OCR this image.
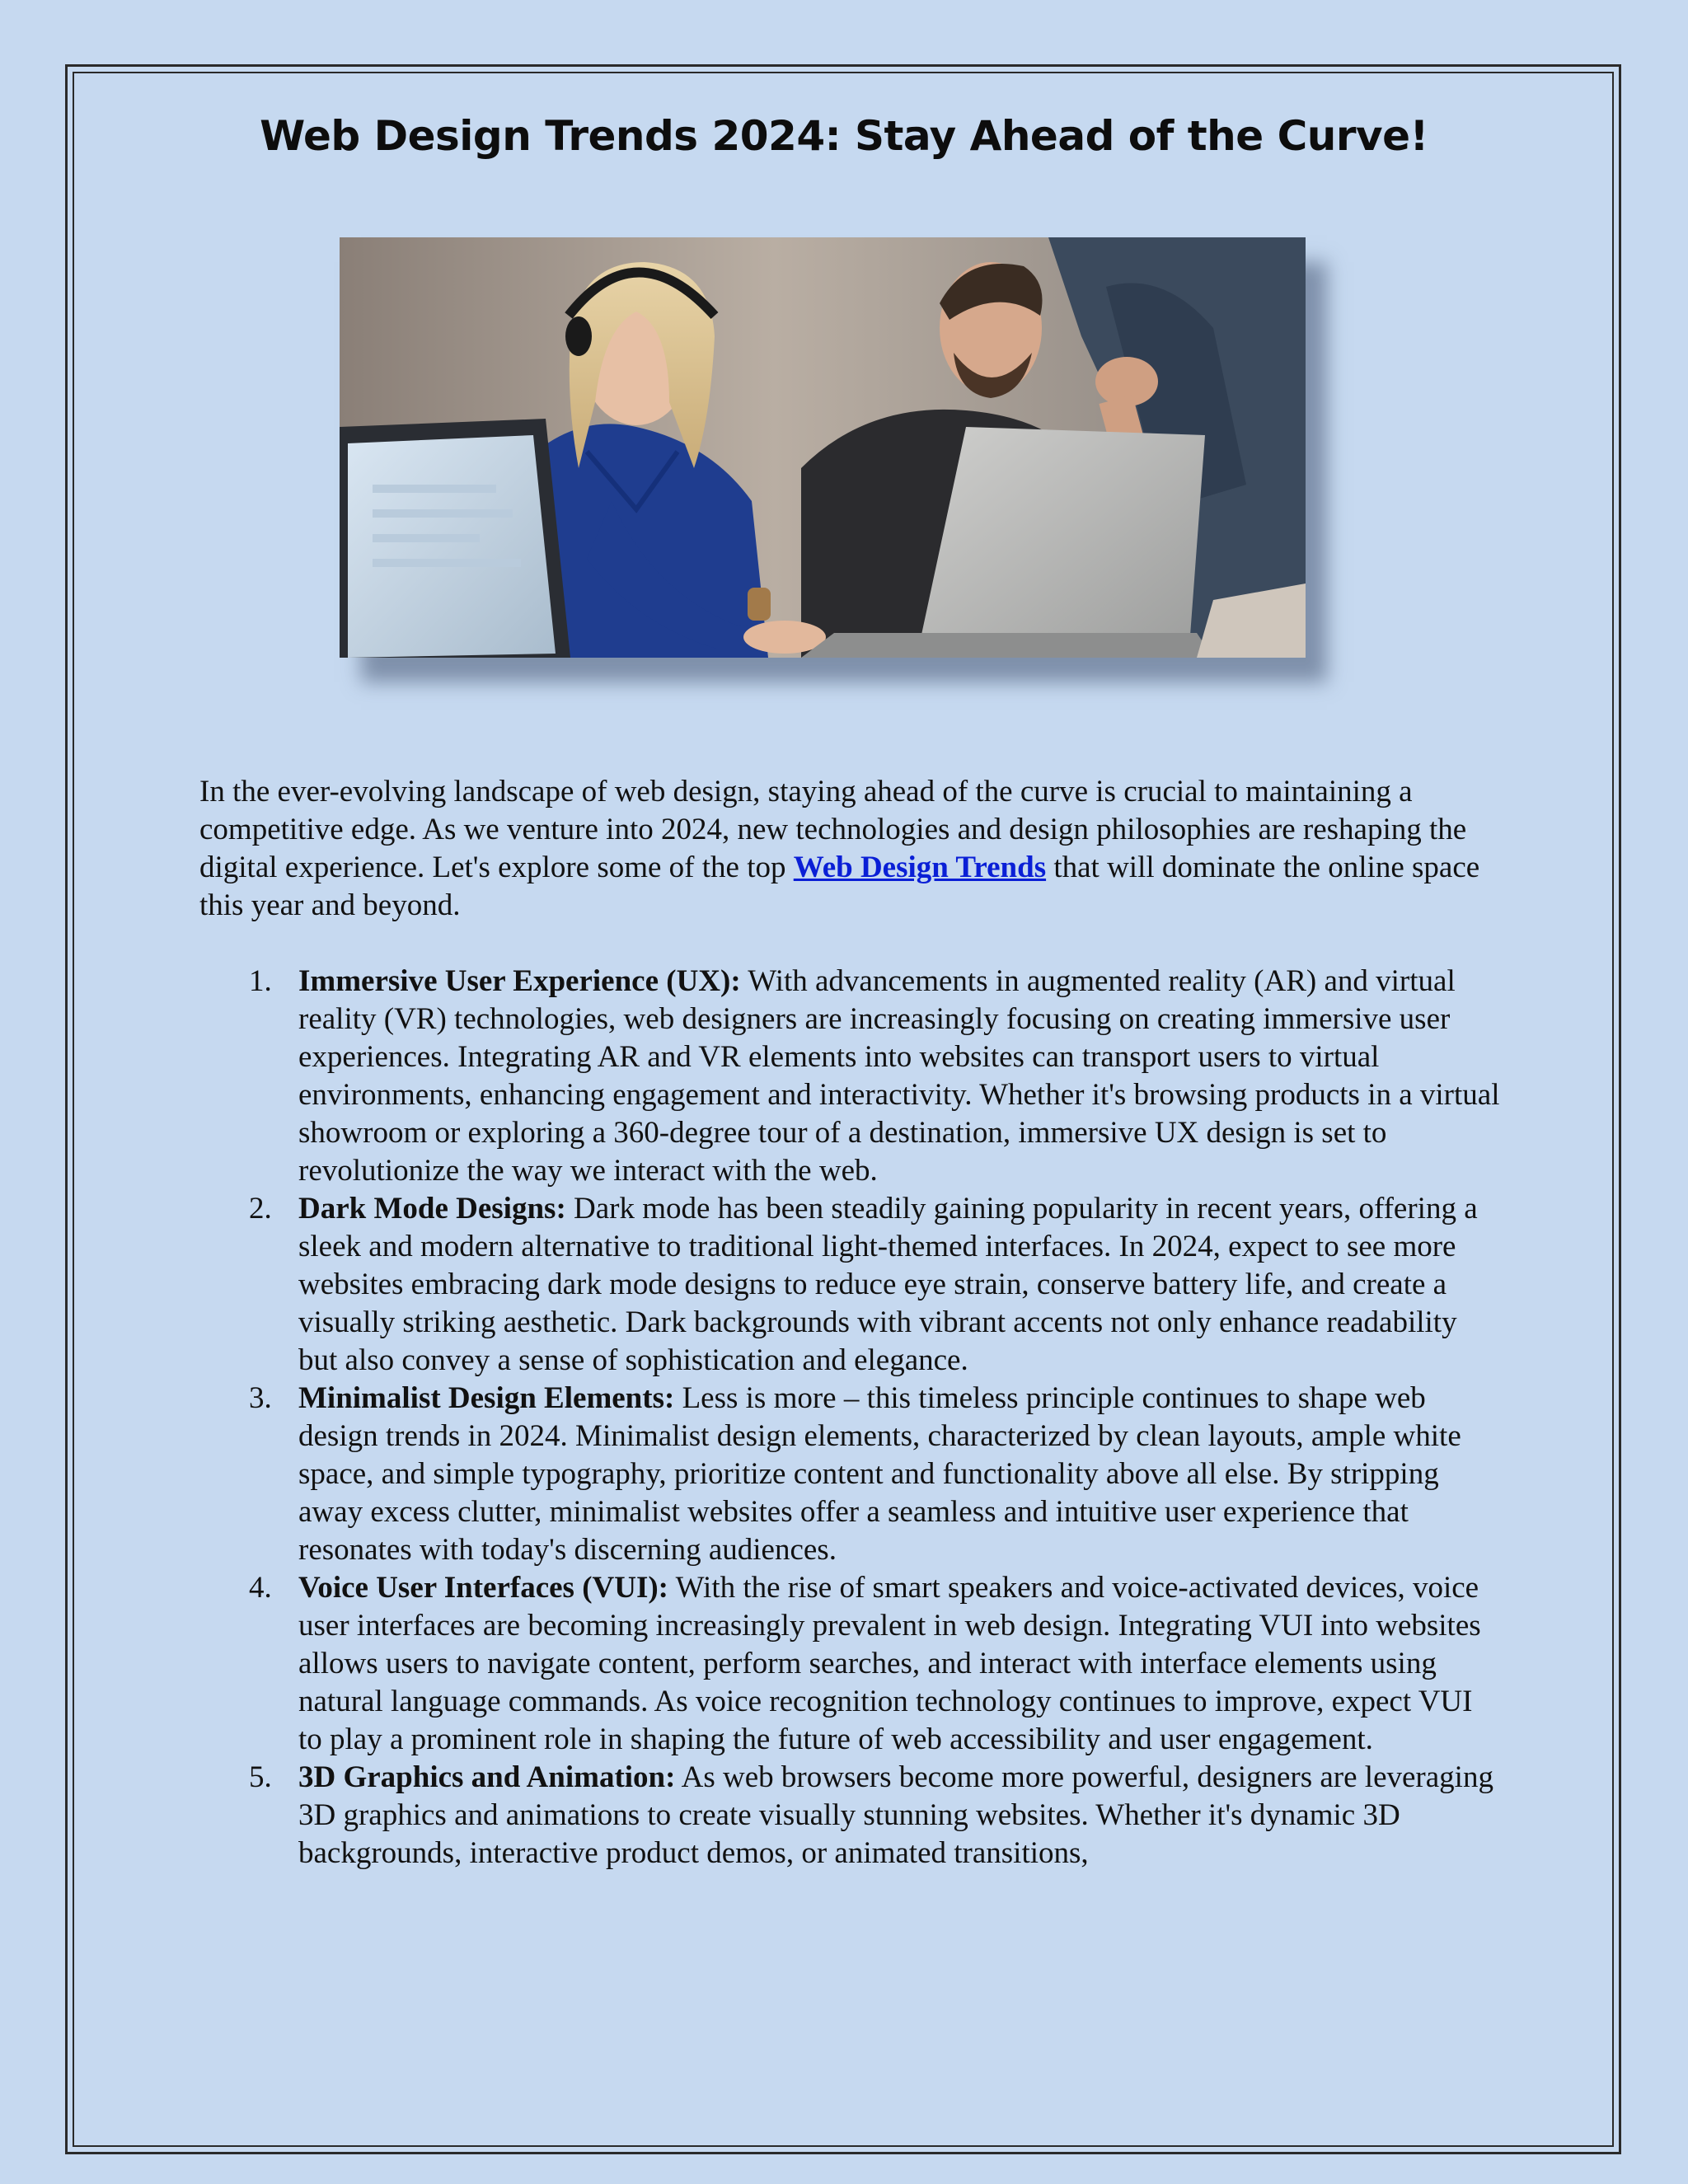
Web Design Trends 2024: Stay Ahead of the Curve!

In the ever-evolving landscape of web design, staying ahead of the curve is crucial to maintaining a competitive edge. As we venture into 2024, new technologies and design philosophies are reshaping the digital experience. Let's explore some of the top Web Design Trends that will dominate the online space this year and beyond.

1. Immersive User Experience (UX): With advancements in augmented reality (AR) and virtual reality (VR) technologies, web designers are increasingly focusing on creating immersive user experiences. Integrating AR and VR elements into websites can transport users to virtual environments, enhancing engagement and interactivity. Whether it's browsing products in a virtual showroom or exploring a 360-degree tour of a destination, immersive UX design is set to revolutionize the way we interact with the web.
2. Dark Mode Designs: Dark mode has been steadily gaining popularity in recent years, offering a sleek and modern alternative to traditional light-themed interfaces. In 2024, expect to see more websites embracing dark mode designs to reduce eye strain, conserve battery life, and create a visually striking aesthetic. Dark backgrounds with vibrant accents not only enhance readability but also convey a sense of sophistication and elegance.
3. Minimalist Design Elements: Less is more – this timeless principle continues to shape web design trends in 2024. Minimalist design elements, characterized by clean layouts, ample white space, and simple typography, prioritize content and functionality above all else. By stripping away excess clutter, minimalist websites offer a seamless and intuitive user experience that resonates with today's discerning audiences.
4. Voice User Interfaces (VUI): With the rise of smart speakers and voice-activated devices, voice user interfaces are becoming increasingly prevalent in web design. Integrating VUI into websites allows users to navigate content, perform searches, and interact with interface elements using natural language commands. As voice recognition technology continues to improve, expect VUI to play a prominent role in shaping the future of web accessibility and user engagement.
5. 3D Graphics and Animation: As web browsers become more powerful, designers are leveraging 3D graphics and animations to create visually stunning websites. Whether it's dynamic 3D backgrounds, interactive product demos, or animated transitions,
